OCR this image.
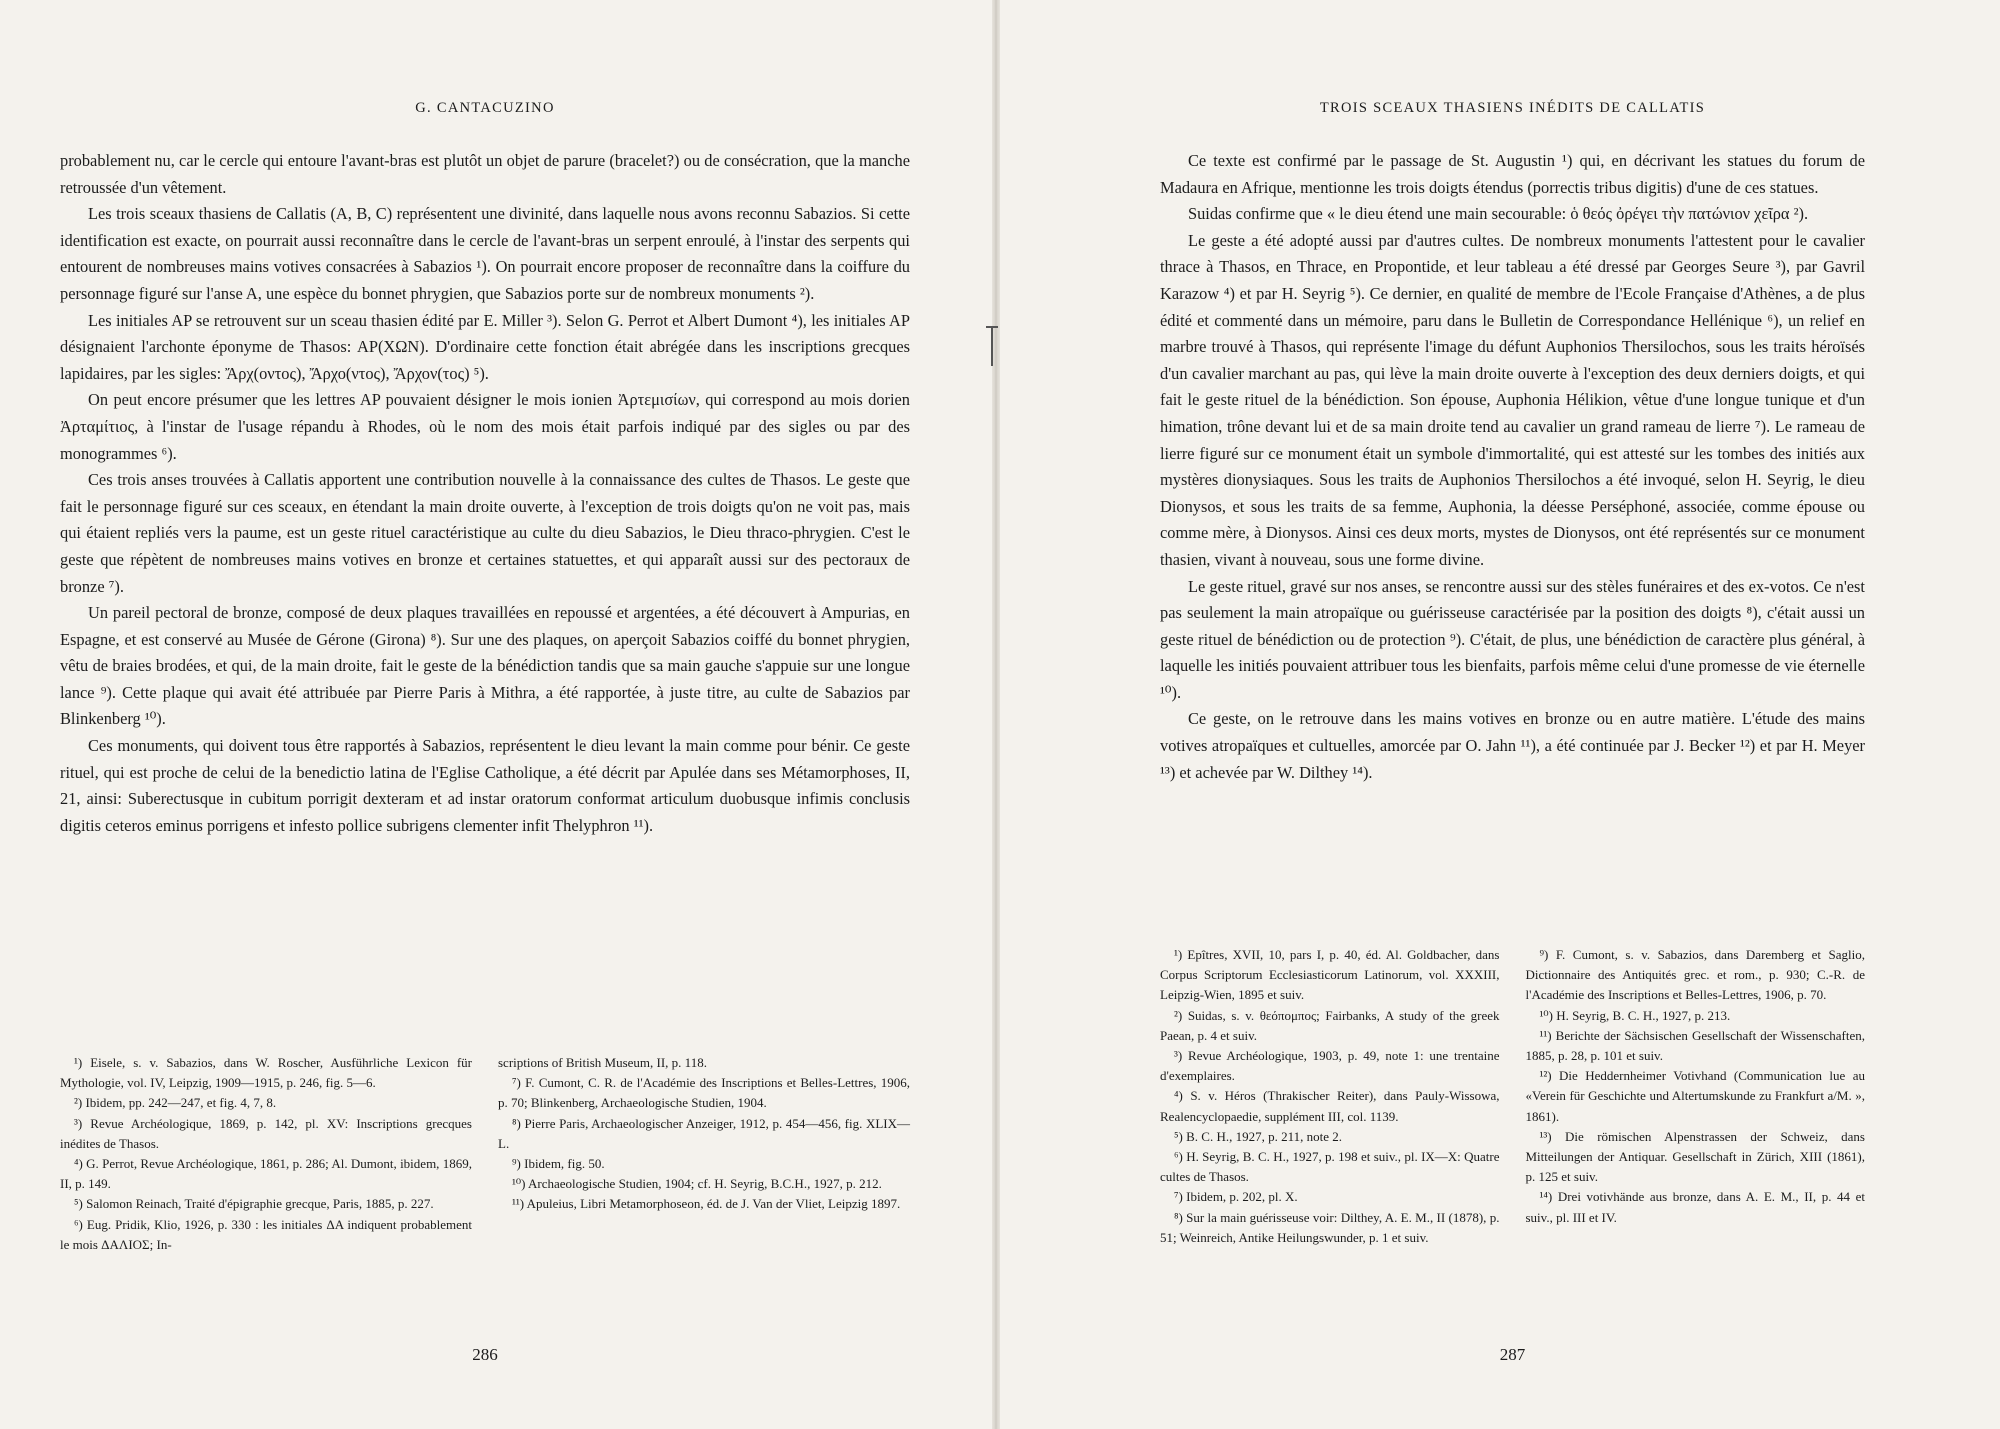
G. CANTACUZINO

probablement nu, car le cercle qui entoure l'avant-bras est plutôt un objet de parure (bracelet?) ou de consécration, que la manche retroussée d'un vêtement.

Les trois sceaux thasiens de Callatis (A, B, C) représentent une divinité, dans laquelle nous avons reconnu Sabazios. Si cette identification est exacte, on pourrait aussi reconnaître dans le cercle de l'avant-bras un serpent enroulé, à l'instar des serpents qui entourent de nombreuses mains votives consacrées à Sabazios ¹). On pourrait encore proposer de reconnaître dans la coiffure du personnage figuré sur l'anse A, une espèce du bonnet phrygien, que Sabazios porte sur de nombreux monuments ²).

Les initiales AP se retrouvent sur un sceau thasien édité par E. Miller ³). Selon G. Perrot et Albert Dumont ⁴), les initiales AP désignaient l'archonte éponyme de Thasos: AP(ΧΩΝ). D'ordinaire cette fonction était abrégée dans les inscriptions grecques lapidaires, par les sigles: Ἄρχ(οντος), Ἄρχο(ντος), Ἄρχον(τος) ⁵).

On peut encore présumer que les lettres AP pouvaient désigner le mois ionien Ἀρτεμισίων, qui correspond au mois dorien Ἀρταμίτιος, à l'instar de l'usage répandu à Rhodes, où le nom des mois était parfois indiqué par des sigles ou par des monogrammes ⁶).

Ces trois anses trouvées à Callatis apportent une contribution nouvelle à la connaissance des cultes de Thasos. Le geste que fait le personnage figuré sur ces sceaux, en étendant la main droite ouverte, à l'exception de trois doigts qu'on ne voit pas, mais qui étaient repliés vers la paume, est un geste rituel caractéristique au culte du dieu Sabazios, le Dieu thraco-phrygien. C'est le geste que répètent de nombreuses mains votives en bronze et certaines statuettes, et qui apparaît aussi sur des pectoraux de bronze ⁷).

Un pareil pectoral de bronze, composé de deux plaques travaillées en repoussé et argentées, a été découvert à Ampurias, en Espagne, et est conservé au Musée de Gérone (Girona) ⁸). Sur une des plaques, on aperçoit Sabazios coiffé du bonnet phrygien, vêtu de braies brodées, et qui, de la main droite, fait le geste de la bénédiction tandis que sa main gauche s'appuie sur une longue lance ⁹). Cette plaque qui avait été attribuée par Pierre Paris à Mithra, a été rapportée, à juste titre, au culte de Sabazios par Blinkenberg ¹⁰).

Ces monuments, qui doivent tous être rapportés à Sabazios, représentent le dieu levant la main comme pour bénir. Ce geste rituel, qui est proche de celui de la benedictio latina de l'Eglise Catholique, a été décrit par Apulée dans ses Métamorphoses, II, 21, ainsi: Suberectusque in cubitum porrigit dexteram et ad instar oratorum conformat articulum duobusque infimis conclusis digitis ceteros eminus porrigens et infesto pollice subrigens clementer infit Thelyphron ¹¹).

¹) Eisele, s. v. Sabazios, dans W. Roscher, Ausführliche Lexicon für Mythologie, vol. IV, Leipzig, 1909—1915, p. 246, fig. 5—6.

²) Ibidem, pp. 242—247, et fig. 4, 7, 8.

³) Revue Archéologique, 1869, p. 142, pl. XV: Inscriptions grecques inédites de Thasos.

⁴) G. Perrot, Revue Archéologique, 1861, p. 286; Al. Dumont, ibidem, 1869, II, p. 149.

⁵) Salomon Reinach, Traité d'épigraphie grecque, Paris, 1885, p. 227.

⁶) Eug. Pridik, Klio, 1926, p. 330 : les initiales ΔΑ indiquent probablement le mois ΔΑΛΙΟΣ; In-

scriptions of British Museum, II, p. 118.

⁷) F. Cumont, C. R. de l'Académie des Inscriptions et Belles-Lettres, 1906, p. 70; Blinkenberg, Archaeologische Studien, 1904.

⁸) Pierre Paris, Archaeologischer Anzeiger, 1912, p. 454—456, fig. XLIX—L.

⁹) Ibidem, fig. 50.

¹⁰) Archaeologische Studien, 1904; cf. H. Seyrig, B.C.H., 1927, p. 212.

¹¹) Apuleius, Libri Metamorphoseon, éd. de J. Van der Vliet, Leipzig 1897.

286
TROIS SCEAUX THASIENS INÉDITS DE CALLATIS

Ce texte est confirmé par le passage de St. Augustin ¹) qui, en décrivant les statues du forum de Madaura en Afrique, mentionne les trois doigts étendus (porrectis tribus digitis) d'une de ces statues.

Suidas confirme que « le dieu étend une main secourable: ὁ θεός ὀρέγει τὴν πατώνιον χεῖρα ²).

Le geste a été adopté aussi par d'autres cultes. De nombreux monuments l'attestent pour le cavalier thrace à Thasos, en Thrace, en Propontide, et leur tableau a été dressé par Georges Seure ³), par Gavril Karazow ⁴) et par H. Seyrig ⁵). Ce dernier, en qualité de membre de l'Ecole Française d'Athènes, a de plus édité et commenté dans un mémoire, paru dans le Bulletin de Correspondance Hellénique ⁶), un relief en marbre trouvé à Thasos, qui représente l'image du défunt Auphonios Thersilochos, sous les traits héroïsés d'un cavalier marchant au pas, qui lève la main droite ouverte à l'exception des deux derniers doigts, et qui fait le geste rituel de la bénédiction. Son épouse, Auphonia Hélikion, vêtue d'une longue tunique et d'un himation, trône devant lui et de sa main droite tend au cavalier un grand rameau de lierre ⁷). Le rameau de lierre figuré sur ce monument était un symbole d'immortalité, qui est attesté sur les tombes des initiés aux mystères dionysiaques. Sous les traits de Auphonios Thersilochos a été invoqué, selon H. Seyrig, le dieu Dionysos, et sous les traits de sa femme, Auphonia, la déesse Perséphoné, associée, comme épouse ou comme mère, à Dionysos. Ainsi ces deux morts, mystes de Dionysos, ont été représentés sur ce monument thasien, vivant à nouveau, sous une forme divine.

Le geste rituel, gravé sur nos anses, se rencontre aussi sur des stèles funéraires et des ex-votos. Ce n'est pas seulement la main atropaïque ou guérisseuse caractérisée par la position des doigts ⁸), c'était aussi un geste rituel de bénédiction ou de protection ⁹). C'était, de plus, une bénédiction de caractère plus général, à laquelle les initiés pouvaient attribuer tous les bienfaits, parfois même celui d'une promesse de vie éternelle ¹⁰).

Ce geste, on le retrouve dans les mains votives en bronze ou en autre matière. L'étude des mains votives atropaïques et cultuelles, amorcée par O. Jahn ¹¹), a été continuée par J. Becker ¹²) et par H. Meyer ¹³) et achevée par W. Dilthey ¹⁴).

¹) Epîtres, XVII, 10, pars I, p. 40, éd. Al. Goldbacher, dans Corpus Scriptorum Ecclesiasticorum Latinorum, vol. XXXIII, Leipzig-Wien, 1895 et suiv.

²) Suidas, s. v. θεόπομπος; Fairbanks, A study of the greek Paean, p. 4 et suiv.

³) Revue Archéologique, 1903, p. 49, note 1: une trentaine d'exemplaires.

⁴) S. v. Héros (Thrakischer Reiter), dans Pauly-Wissowa, Realencyclopaedie, supplément III, col. 1139.

⁵) B. C. H., 1927, p. 211, note 2.

⁶) H. Seyrig, B. C. H., 1927, p. 198 et suiv., pl. IX—X: Quatre cultes de Thasos.

⁷) Ibidem, p. 202, pl. X.

⁸) Sur la main guérisseuse voir: Dilthey, A. E. M., II (1878), p. 51; Weinreich, Antike Heilungswunder, p. 1 et suiv.

⁹) F. Cumont, s. v. Sabazios, dans Daremberg et Saglio, Dictionnaire des Antiquités grec. et rom., p. 930; C.-R. de l'Académie des Inscriptions et Belles-Lettres, 1906, p. 70.

¹⁰) H. Seyrig, B. C. H., 1927, p. 213.

¹¹) Berichte der Sächsischen Gesellschaft der Wissenschaften, 1885, p. 28, p. 101 et suiv.

¹²) Die Heddernheimer Votivhand (Communication lue au «Verein für Geschichte und Altertumskunde zu Frankfurt a/M. », 1861).

¹³) Die römischen Alpenstrassen der Schweiz, dans Mitteilungen der Antiquar. Gesellschaft in Zürich, XIII (1861), p. 125 et suiv.

¹⁴) Drei votivhände aus bronze, dans A. E. M., II, p. 44 et suiv., pl. III et IV.

287
